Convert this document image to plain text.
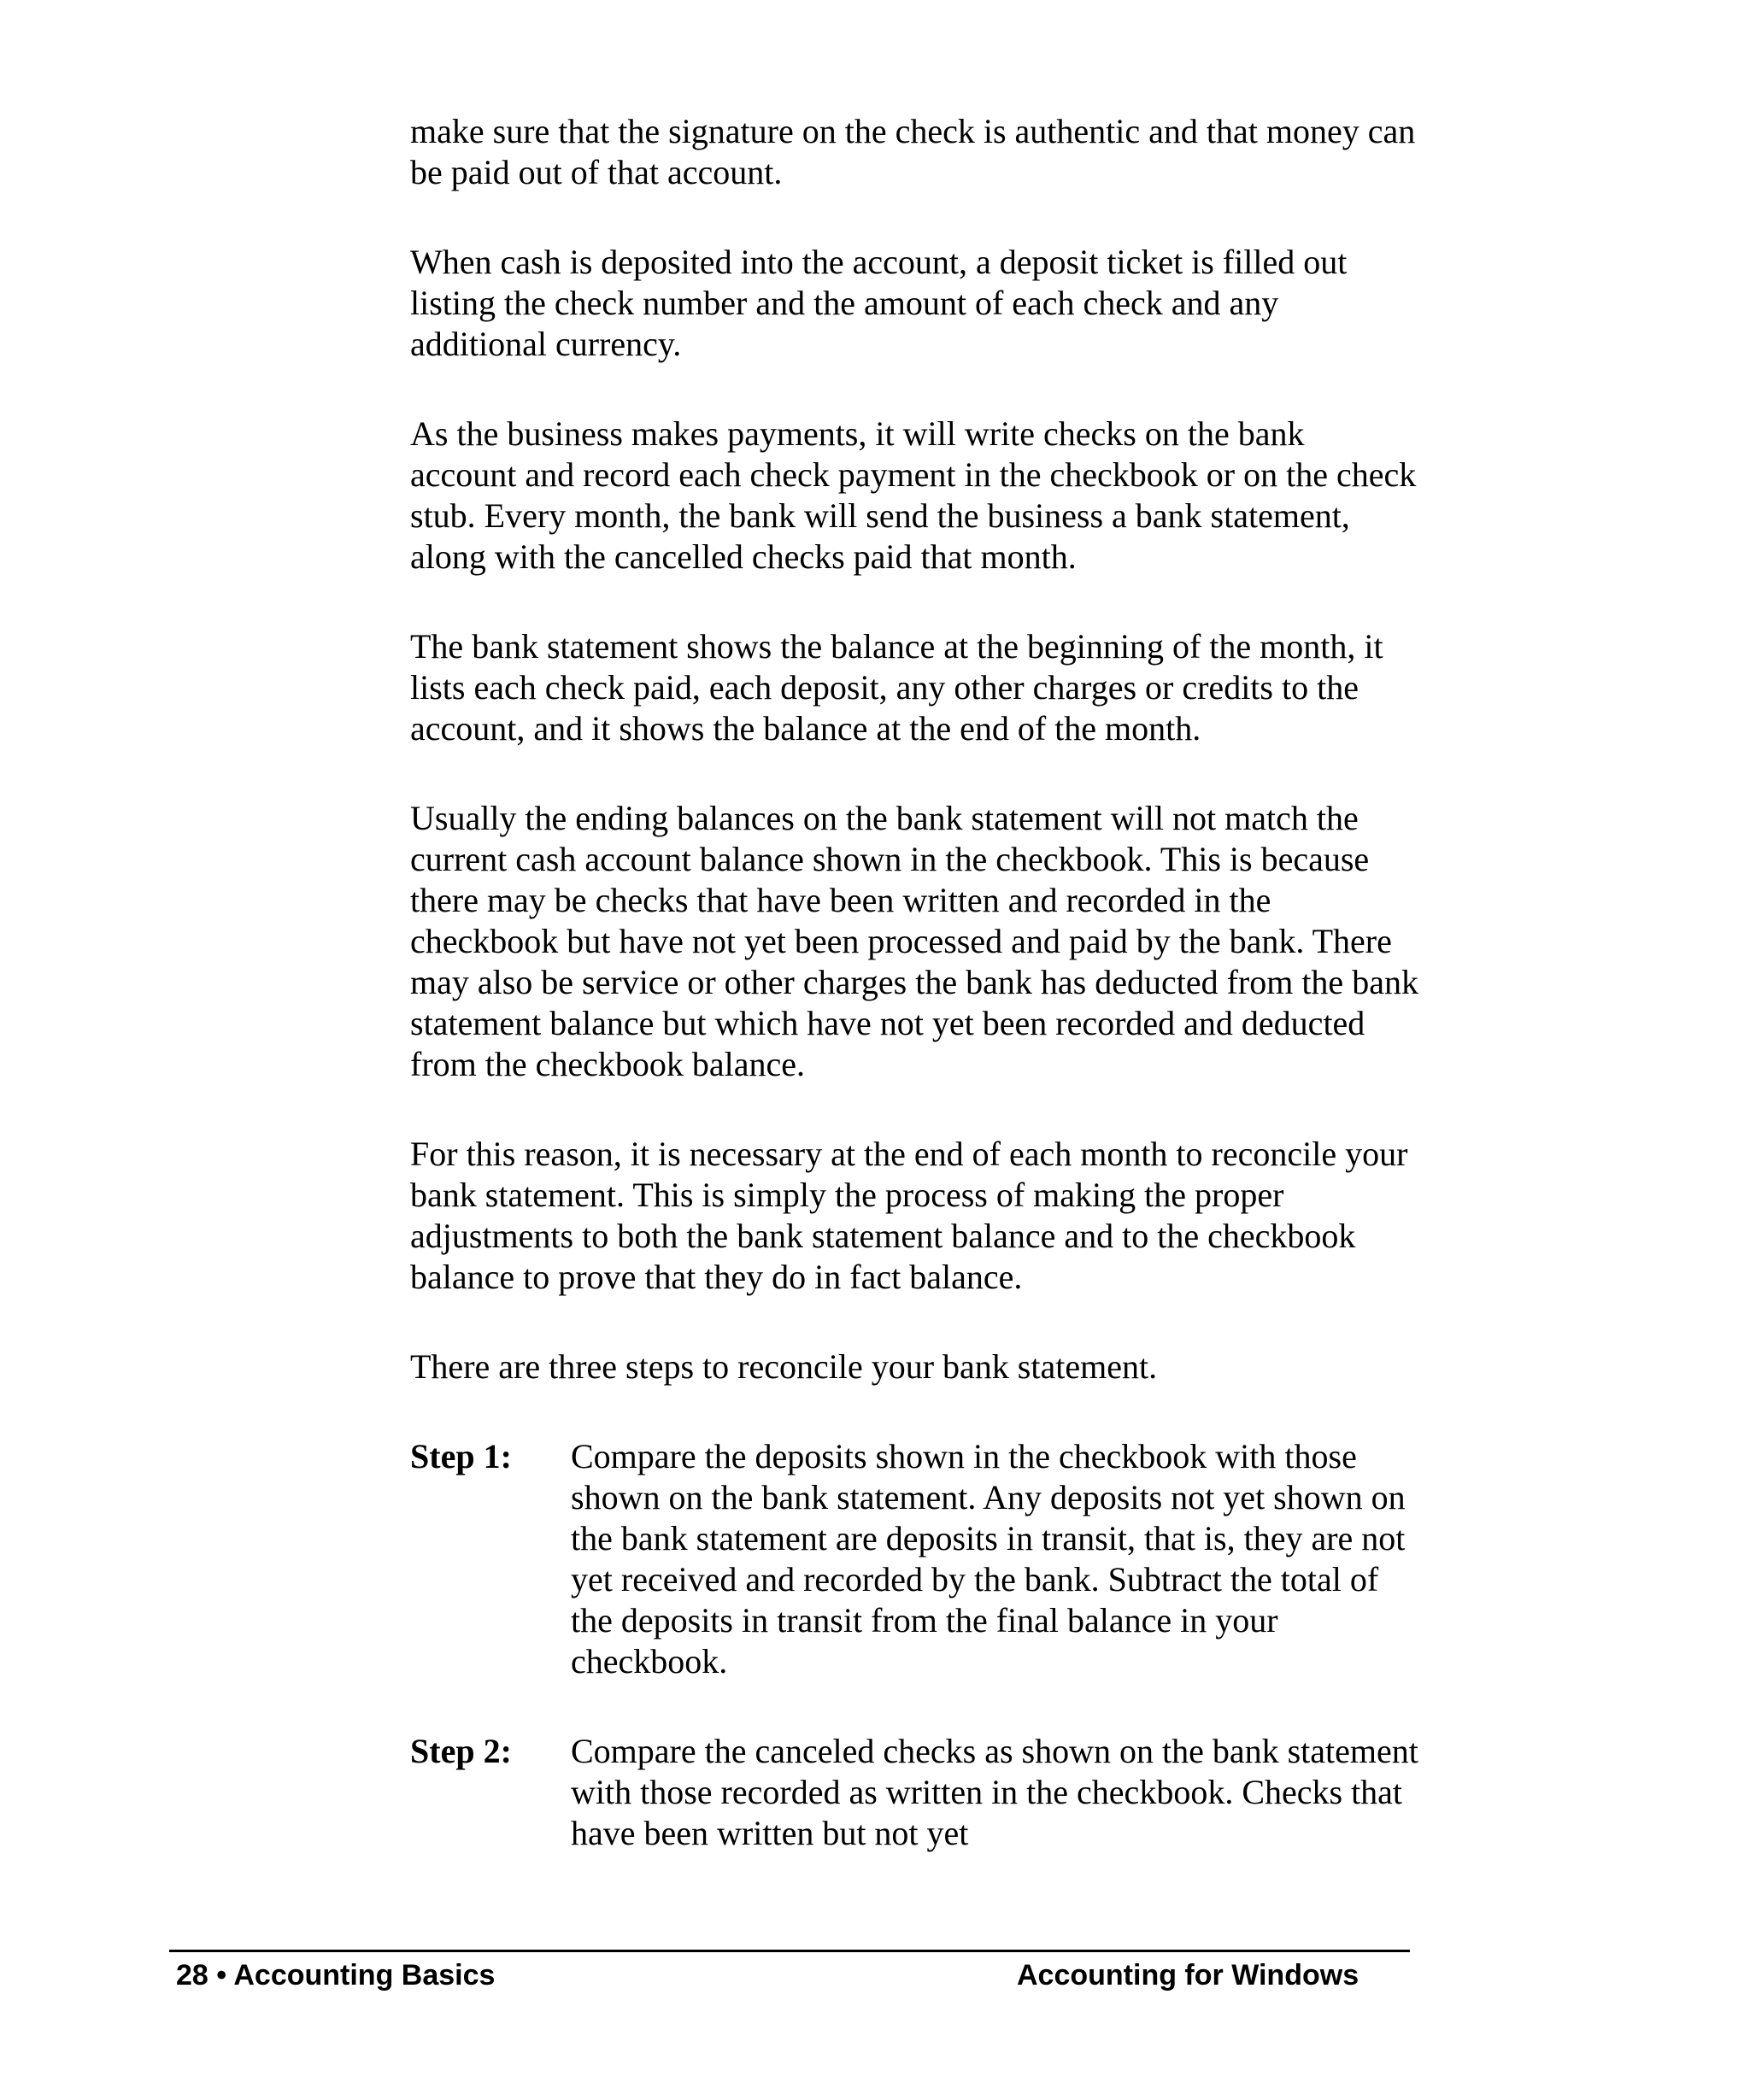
make sure that the signature on the check is authentic and that money can be paid out of that account.

When cash is deposited into the account, a deposit ticket is filled out listing the check number and the amount of each check and any additional currency.

As the business makes payments, it will write checks on the bank account and record each check payment in the checkbook or on the check stub. Every month, the bank will send the business a bank statement, along with the cancelled checks paid that month.

The bank statement shows the balance at the beginning of the month, it lists each check paid, each deposit, any other charges or credits to the account, and it shows the balance at the end of the month.

Usually the ending balances on the bank statement will not match the current cash account balance shown in the checkbook. This is because there may be checks that have been written and recorded in the checkbook but have not yet been processed and paid by the bank. There may also be service or other charges the bank has deducted from the bank statement balance but which have not yet been recorded and deducted from the checkbook balance.

For this reason, it is necessary at the end of each month to reconcile your bank statement. This is simply the process of making the proper adjustments to both the bank statement balance and to the checkbook balance to prove that they do in fact balance.

There are three steps to reconcile your bank statement.

Step 1:	Compare the deposits shown in the checkbook with those shown on the bank statement. Any deposits not yet shown on the bank statement are deposits in transit, that is, they are not yet received and recorded by the bank. Subtract the total of the deposits in transit from the final balance in your checkbook.
Step 2:	Compare the canceled checks as shown on the bank statement with those recorded as written in the checkbook. Checks that have been written but not yet
28 • Accounting Basics	Accounting for Windows
